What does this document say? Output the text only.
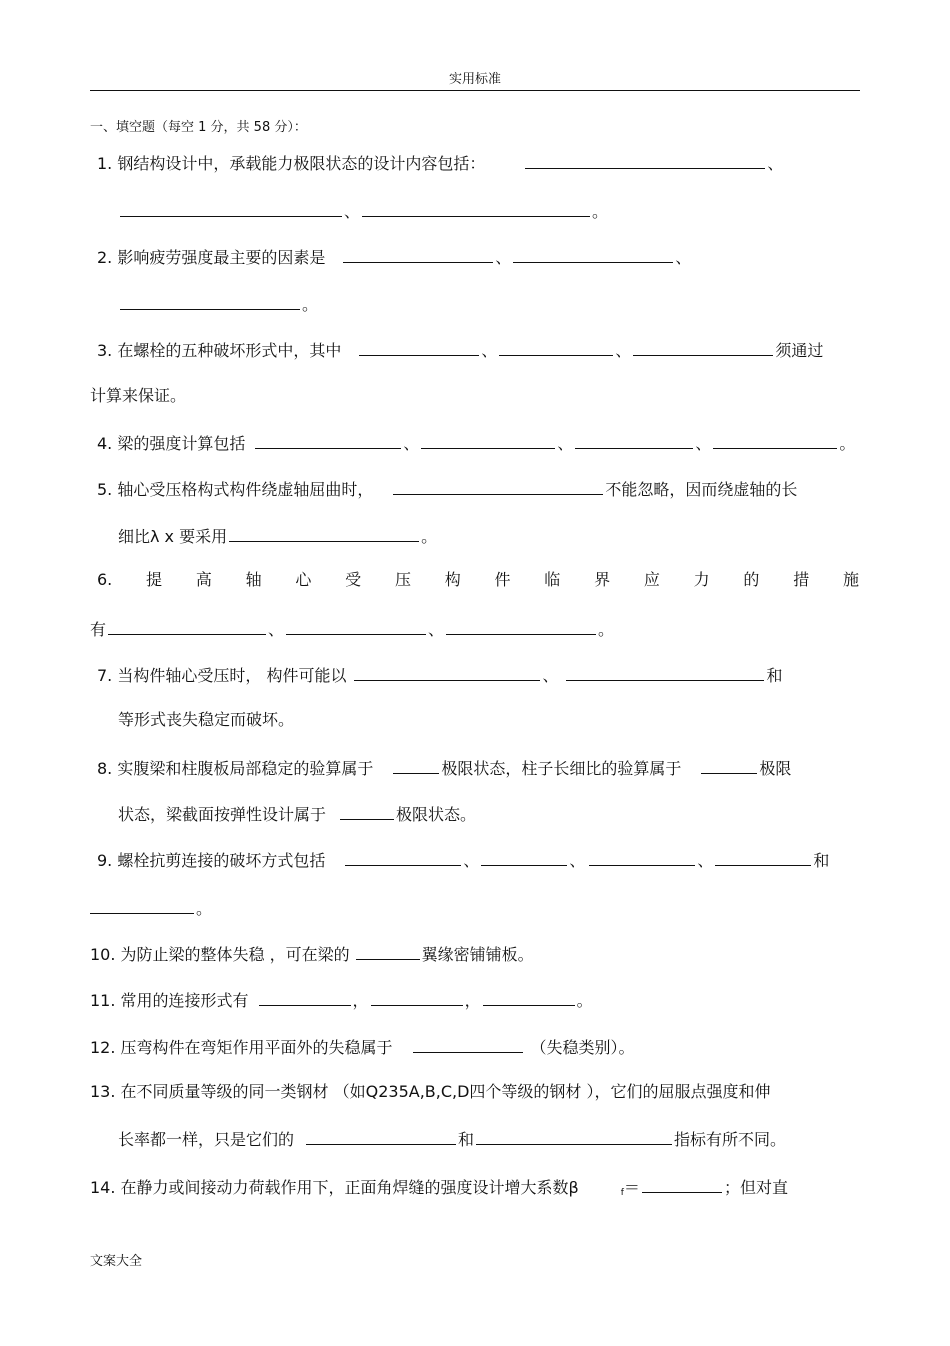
实用标准
一、填空题（每空 1 分，共 58 分）：
1. 钢结构设计中，承载能力极限状态的设计内容包括：	、
、	。
2. 影响疲劳强度最主要的因素是	、	、
。
3. 在螺栓的五种破坏形式中，其中	、	、	须通过
计算来保证。
4. 梁的强度计算包括	、	、	、	。
5. 轴心受压格构式构件绕虚轴屈曲时，	不能忽略，因而绕虚轴的长
细比λ x 要采用	。
6. 提 高 轴 心 受 压 构 件 临 界 应 力 的 措 施
有	、	、	。
7. 当构件轴心受压时， 构件可能以	、	和
等形式丧失稳定而破坏。
8. 实腹梁和柱腹板局部稳定的验算属于	极限状态，柱子长细比的验算属于	极限
状态，梁截面按弹性设计属于	极限状态。
9. 螺栓抗剪连接的破坏方式包括	、	、	、	和
。
10. 为防止梁的整体失稳 ，可在梁的	翼缘密铺铺板。
11. 常用的连接形式有	，	，	。
12. 压弯构件在弯矩作用平面外的失稳属于	（失稳类别）。
13. 在不同质量等级的同一类钢材 （如Q235A,B,C,D四个等级的钢材 ），它们的屈服点强度和伸
长率都一样，只是它们的	和	指标有所不同。
14. 在静力或间接动力荷载作用下，正面角焊缝的强度设计增大系数β	$_f$＝	；但对直
文案大全
